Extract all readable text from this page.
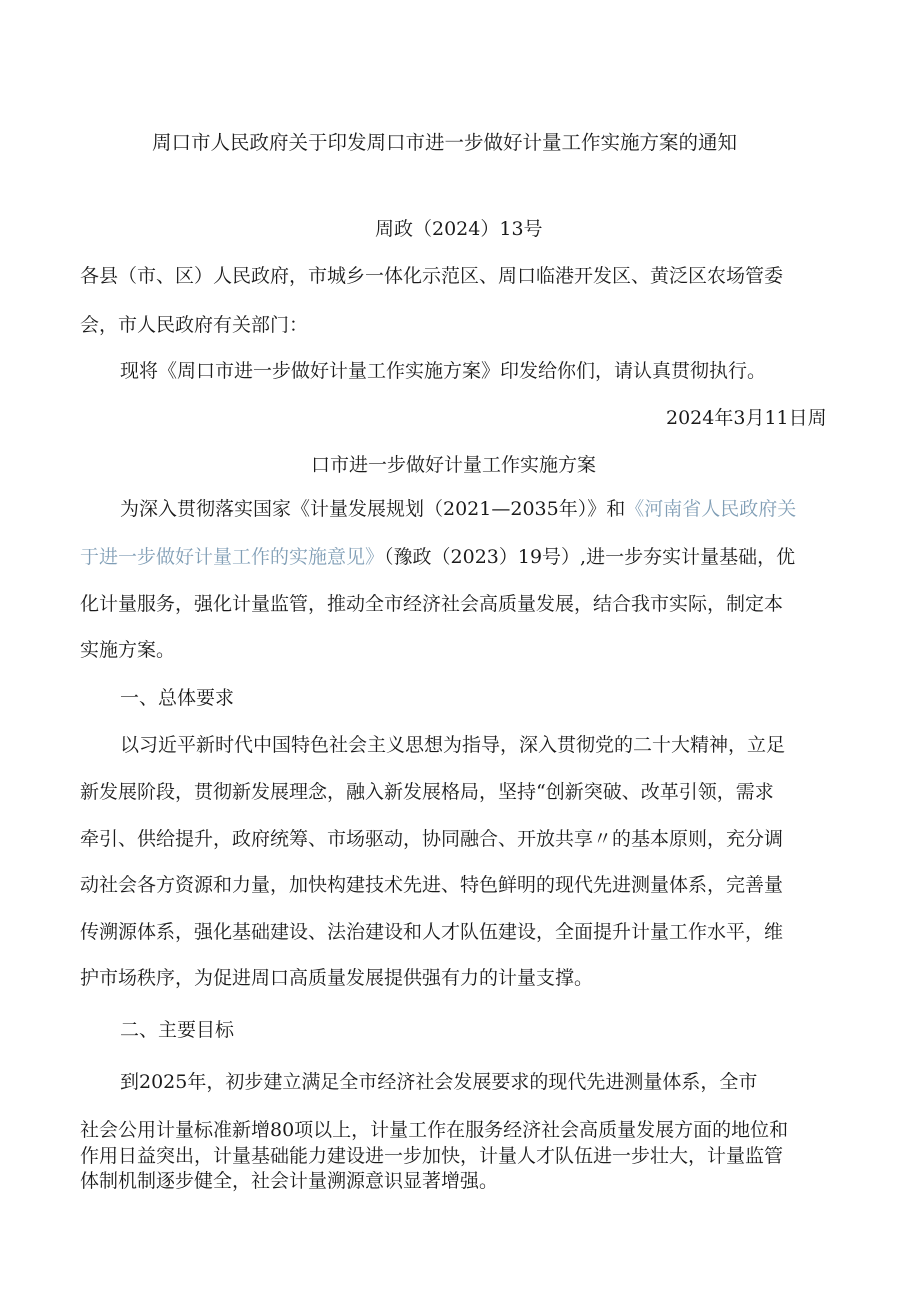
周口市人民政府关于印发周口市进一步做好计量工作实施方案的通知
周政（2024）13号
各县（市、区）人民政府，市城乡一体化示范区、周口临港开发区、黄泛区农场管委
会，市人民政府有关部门：
现将《周口市进一步做好计量工作实施方案》印发给你们，请认真贯彻执行。
2024年3月11日周
口市进一步做好计量工作实施方案
为深入贯彻落实国家《计量发展规划（2021—2035年）》和《河南省人民政府关
于进一步做好计量工作的实施意见》（豫政（2023）19号）,进一步夯实计量基础，优
化计量服务，强化计量监管，推动全市经济社会高质量发展，结合我市实际，制定本
实施方案。
一、总体要求
以习近平新时代中国特色社会主义思想为指导，深入贯彻党的二十大精神，立足
新发展阶段，贯彻新发展理念，融入新发展格局，坚持“创新突破、改革引领，需求
牵引、供给提升，政府统筹、市场驱动，协同融合、开放共享〃的基本原则，充分调
动社会各方资源和力量，加快构建技术先进、特色鲜明的现代先进测量体系，完善量
传溯源体系，强化基础建设、法治建设和人才队伍建设，全面提升计量工作水平，维
护市场秩序，为促进周口高质量发展提供强有力的计量支撑。
二、主要目标
到2025年，初步建立满足全市经济社会发展要求的现代先进测量体系，全市
社会公用计量标准新增80项以上，计量工作在服务经济社会高质量发展方面的地位和
作用日益突出，计量基础能力建设进一步加快，计量人才队伍进一步壮大，计量监管
体制机制逐步健全，社会计量溯源意识显著增强。
